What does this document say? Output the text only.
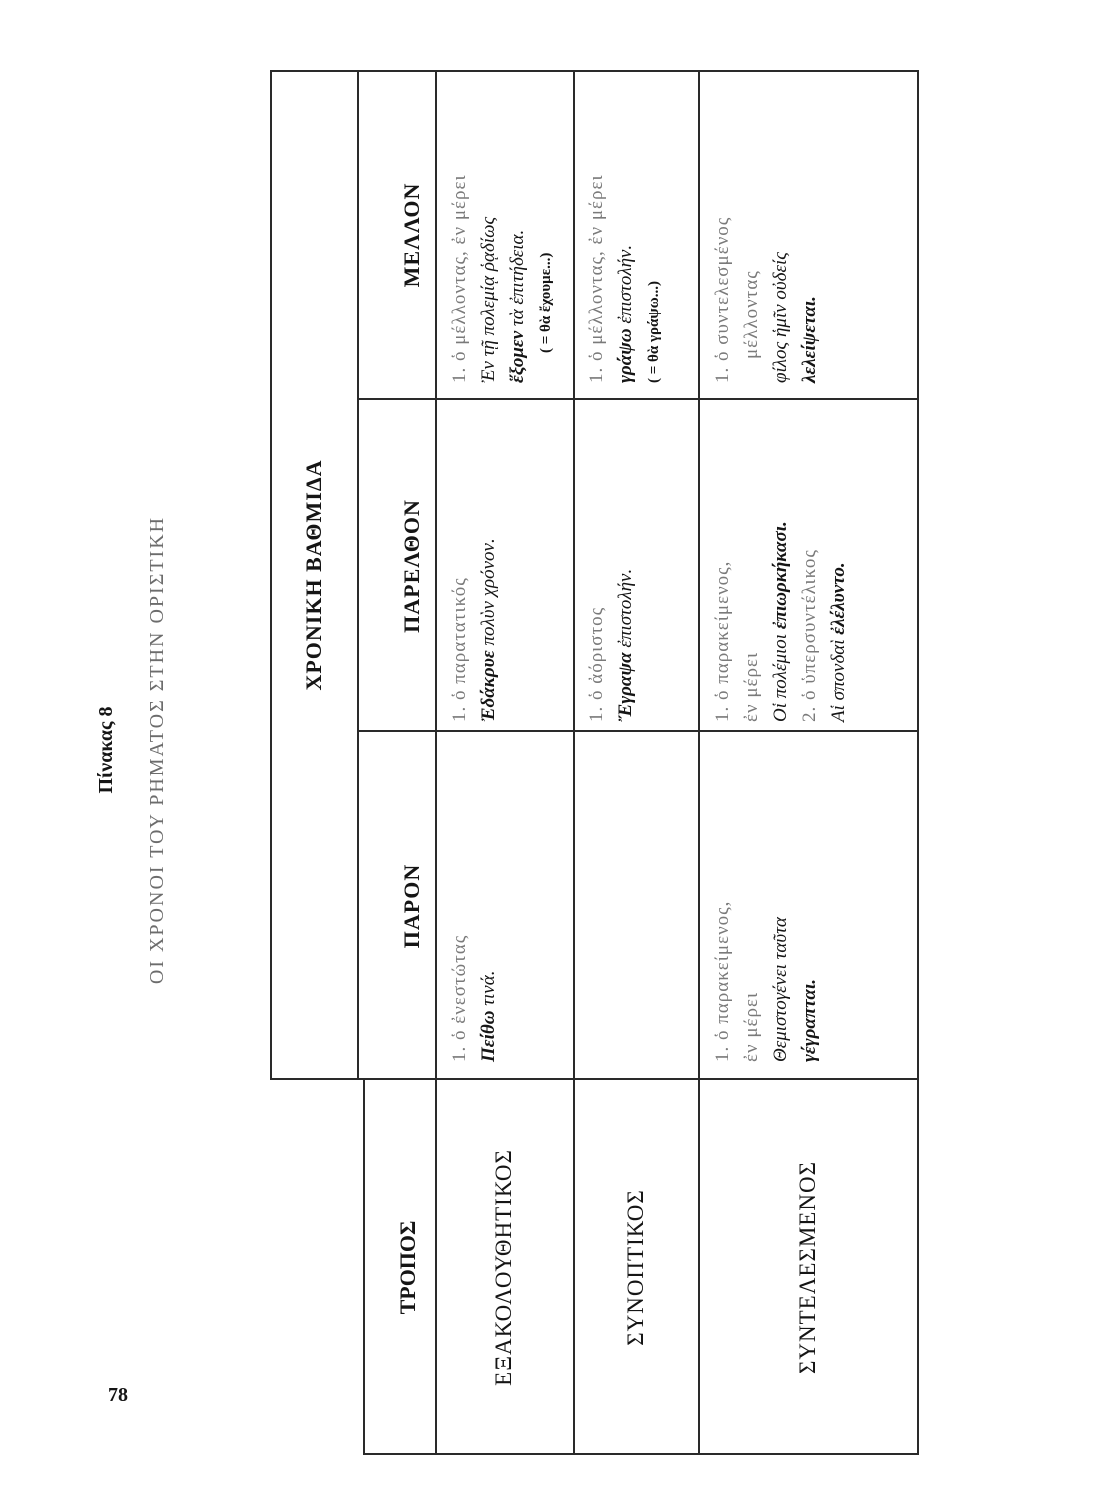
78
Πίνακας 8 ΟΙ ΧΡΟΝΟΙ ΤΟΥ ΡΗΜΑΤΟΣ ΣΤΗΝ ΟΡΙΣΤΙΚΗ
ΤΡΟΠΟΣ
ΧΡΟΝΙΚΗ ΒΑΘΜΙΔΑ
ΠΑΡΟΝ
ΠΑΡΕΛΘΟΝ
ΜΕΛΛΟΝ
ΕΞΑΚΟΛΟΥΘΗΤΙΚΟΣ	ΣΥΝΟΠΤΙΚΟΣ	ΣΥΝΤΕΛΕΣΜΕΝΟΣ
1. ὁ ἐνεστώτας Πείθω τινά.
1. ὁ παρατατικός Ἐδάκρυε πολὺν χρόνον.
1. ὁ μέλλοντας, ἐν μέρει Ἐν τῇ πολεμίᾳ ῥᾳδίως ἕξομεν τὰ ἐπιτήδεια. ( = θὰ ἔχουμε...)
1. ὁ ἀόριστος Ἔγραψα ἐπιστολήν.
1. ὁ μέλλοντας, ἐν μέρει γράψω ἐπιστολήν. ( = θὰ γράψω...)
1. ὁ παρακείμενος, ἐν μέρει Θεμιστογένει ταῦτα γέγραπται.
1. ὁ παρακείμενος, ἐν μέρει Οἱ πολέμιοι ἐπιωρκήκασι. 2. ὁ ὑπερσυντέλικος Αἱ σπονδαὶ ἐλέλυντο.
1. ὁ συντελεσμένος μέλλοντας φίλος ἡμῖν οὐδείς λελείψεται.
